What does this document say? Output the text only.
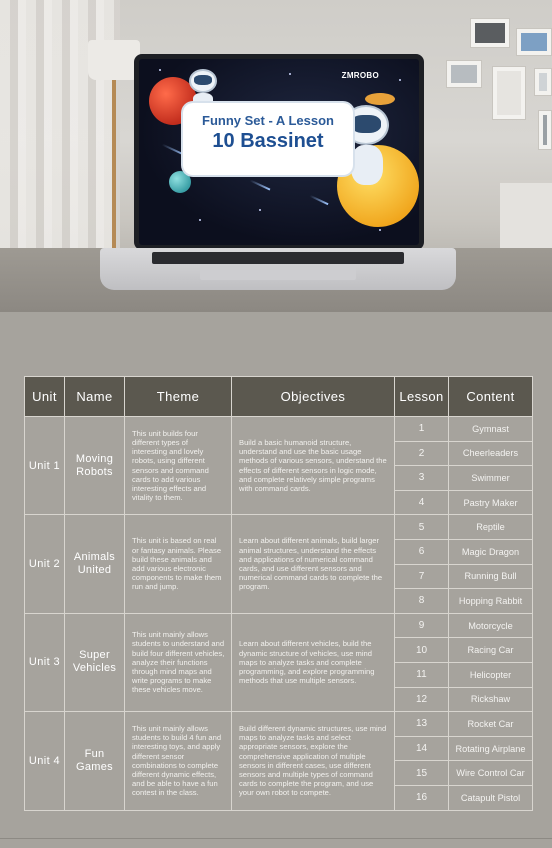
ZMROBO
Funny Set - A Lesson
10 Bassinet
Unit	Name	Theme	Objectives	Lesson	Content
Unit 1	Moving Robots	This unit builds four different types of interesting and lovely robots, using different sensors and command cards to add various interesting effects and vitality to them.	Build a basic humanoid structure, understand and use the basic usage methods of various sensors, understand the effects of different sensors in logic mode, and complete relatively simple programs with command cards.	1	Gymnast
				2	Cheerleaders
				3	Swimmer
				4	Pastry Maker
Unit 2	Animals United	This unit is based on real or fantasy animals. Please build these animals and add various electronic components to make them run and jump.	Learn about different animals, build larger animal structures, understand the effects and applications of numerical command cards, and use different sensors and numerical command cards to complete the program.	5	Reptile
				6	Magic Dragon
				7	Running Bull
				8	Hopping Rabbit
Unit 3	Super Vehicles	This unit mainly allows students to understand and build four different vehicles, analyze their functions through mind maps and write programs to make these vehicles move.	Learn about different vehicles, build the dynamic structure of vehicles, use mind maps to analyze tasks and complete programming, and explore programming methods that use multiple sensors.	9	Motorcycle
				10	Racing Car
				11	Helicopter
				12	Rickshaw
Unit 4	Fun Games	This unit mainly allows students to build 4 fun and interesting toys, and apply different sensor combinations to complete different dynamic effects, and be able to have a fun contest in the class.	Build different dynamic structures, use mind maps to analyze tasks and select appropriate sensors, explore the comprehensive application of multiple sensors in different cases, use different sensors and multiple types of command cards to complete the program, and use your own robot to compete.	13	Rocket Car
				14	Rotating Airplane
				15	Wire Control Car
				16	Catapult Pistol
